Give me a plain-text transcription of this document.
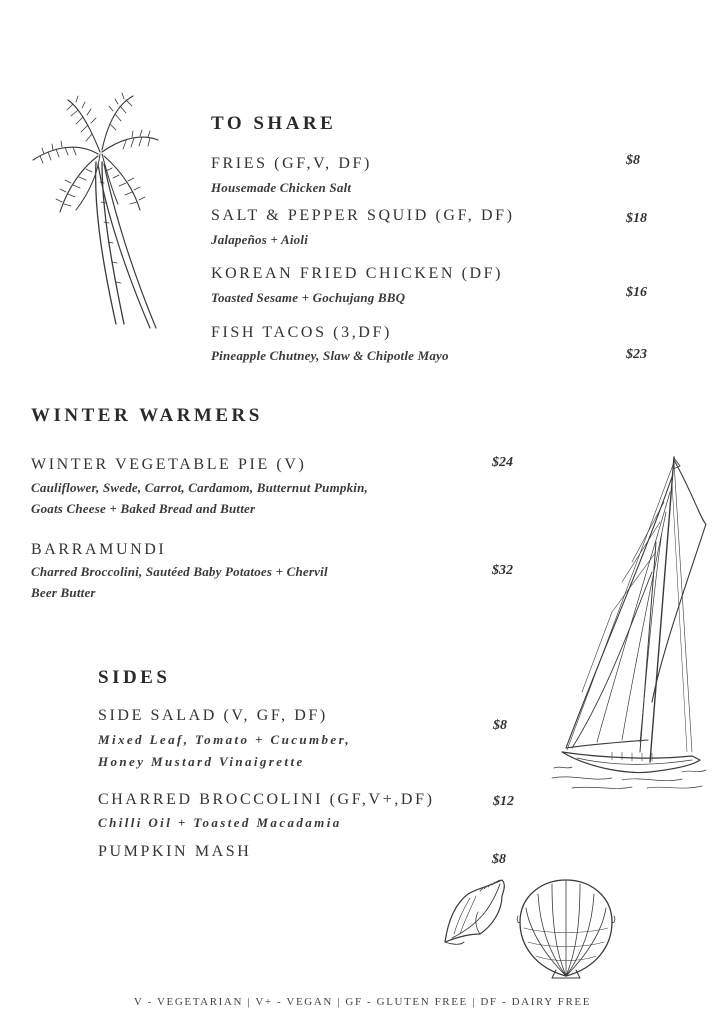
TO SHARE
FRIES (GF,V, DF)
Housemade Chicken Salt
$8
SALT & PEPPER SQUID (GF, DF)
Jalapeños + Aioli
$18
KOREAN FRIED CHICKEN (DF)
Toasted Sesame + Gochujang BBQ	$16
FISH TACOS (3,DF)
Pineapple Chutney, Slaw & Chipotle Mayo	$23
WINTER WARMERS
WINTER VEGETABLE PIE (V)
Cauliflower, Swede, Carrot, Cardamom, Butternut Pumpkin,
Goats Cheese + Baked Bread and Butter
$24
BARRAMUNDI
Charred Broccolini, Sautéed Baby Potatoes + Chervil
Beer Butter
$32
SIDES
SIDE SALAD (V, GF, DF)
Mixed Leaf, Tomato + Cucumber,
Honey Mustard Vinaigrette
$8
CHARRED BROCCOLINI (GF,V+,DF)
Chilli Oil + Toasted Macadamia
$12
PUMPKIN MASH	$8
V - VEGETARIAN | V+ - VEGAN | GF - GLUTEN FREE | DF - DAIRY FREE
